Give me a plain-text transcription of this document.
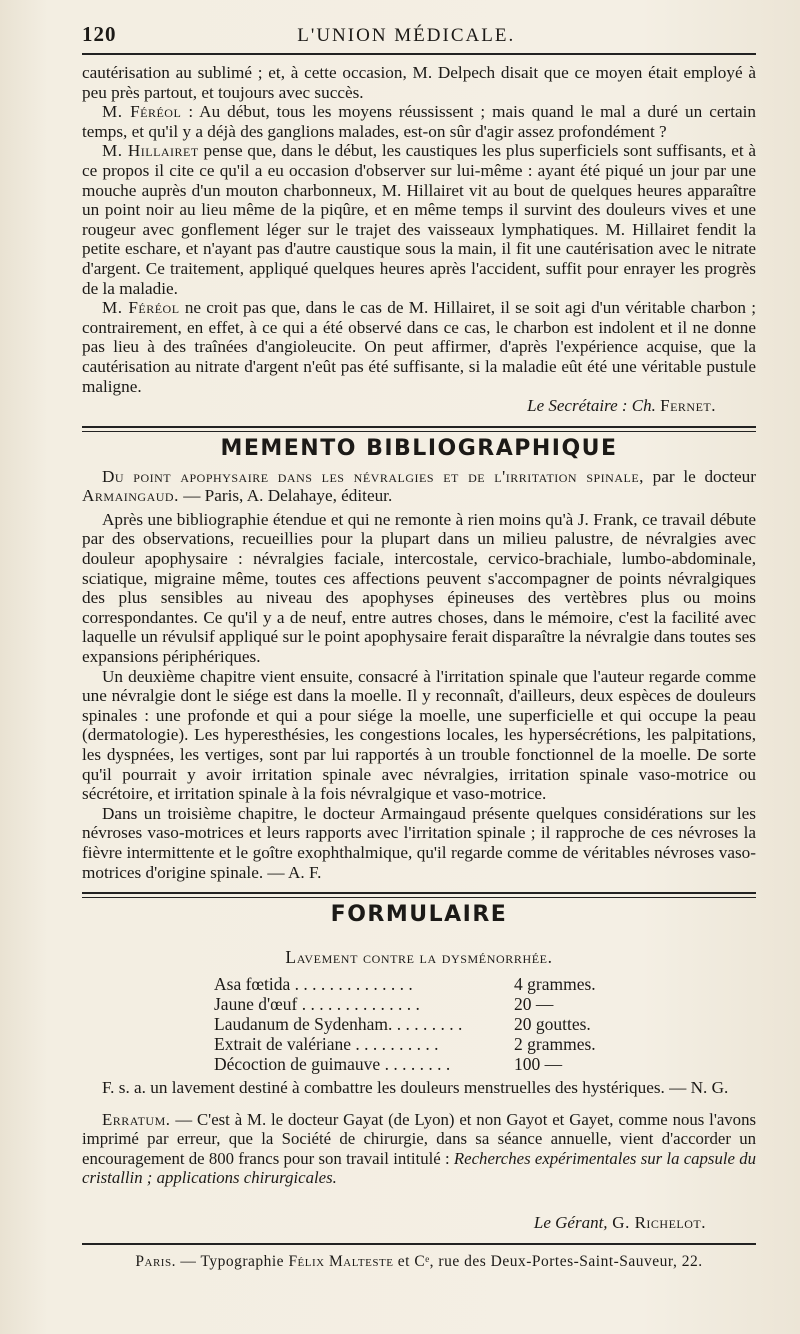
120	L'UNION MÉDICALE.

cautérisation au sublimé ; et, à cette occasion, M. Delpech disait que ce moyen était employé à peu près partout, et toujours avec succès.

M. Féréol : Au début, tous les moyens réussissent ; mais quand le mal a duré un certain temps, et qu'il y a déjà des ganglions malades, est-on sûr d'agir assez profondément ?

M. Hillairet pense que, dans le début, les caustiques les plus superficiels sont suffisants, et à ce propos il cite ce qu'il a eu occasion d'observer sur lui-même : ayant été piqué un jour par une mouche auprès d'un mouton charbonneux, M. Hillairet vit au bout de quelques heures apparaître un point noir au lieu même de la piqûre, et en même temps il survint des douleurs vives et une rougeur avec gonflement léger sur le trajet des vaisseaux lymphatiques. M. Hillairet fendit la petite eschare, et n'ayant pas d'autre caustique sous la main, il fit une cautérisation avec le nitrate d'argent. Ce traitement, appliqué quelques heures après l'accident, suffit pour enrayer les progrès de la maladie.

M. Féréol ne croit pas que, dans le cas de M. Hillairet, il se soit agi d'un véritable charbon ; contrairement, en effet, à ce qui a été observé dans ce cas, le charbon est indolent et il ne donne pas lieu à des traînées d'angioleucite. On peut affirmer, d'après l'expérience acquise, que la cautérisation au nitrate d'argent n'eût pas été suffisante, si la maladie eût été une véritable pustule maligne.

Le Secrétaire : Ch. Fernet.
MEMENTO BIBLIOGRAPHIQUE

Du point apophysaire dans les névralgies et de l'irritation spinale, par le docteur Armaingaud. — Paris, A. Delahaye, éditeur.

Après une bibliographie étendue et qui ne remonte à rien moins qu'à J. Frank, ce travail débute par des observations, recueillies pour la plupart dans un milieu palustre, de névralgies avec douleur apophysaire : névralgies faciale, intercostale, cervico-brachiale, lumbo-abdominale, sciatique, migraine même, toutes ces affections peuvent s'accompagner de points névralgiques des plus sensibles au niveau des apophyses épineuses des vertèbres plus ou moins correspondantes. Ce qu'il y a de neuf, entre autres choses, dans le mémoire, c'est la facilité avec laquelle un révulsif appliqué sur le point apophysaire ferait disparaître la névralgie dans toutes ses expansions périphériques.

Un deuxième chapitre vient ensuite, consacré à l'irritation spinale que l'auteur regarde comme une névralgie dont le siége est dans la moelle. Il y reconnaît, d'ailleurs, deux espèces de douleurs spinales : une profonde et qui a pour siége la moelle, une superficielle et qui occupe la peau (dermatologie). Les hyperesthésies, les congestions locales, les hypersécrétions, les palpitations, les dyspnées, les vertiges, sont par lui rapportés à un trouble fonctionnel de la moelle. De sorte qu'il pourrait y avoir irritation spinale avec névralgies, irritation spinale vaso-motrice ou sécrétoire, et irritation spinale à la fois névralgique et vaso-motrice.

Dans un troisième chapitre, le docteur Armaingaud présente quelques considérations sur les névroses vaso-motrices et leurs rapports avec l'irritation spinale ; il rapproche de ces névroses la fièvre intermittente et le goître exophthalmique, qu'il regarde comme de véritables névroses vaso-motrices d'origine spinale. — A. F.

FORMULAIRE
Lavement contre la dysménorrhée.
Asa fœtida . . . . . . . . . . . . . .	4 grammes.
Jaune d'œuf . . . . . . . . . . . . . .	20 —
Laudanum de Sydenham. . . . . . . . .	20 gouttes.
Extrait de valériane . . . . . . . . . .	2 grammes.
Décoction de guimauve . . . . . . . .	100 —

F. s. a. un lavement destiné à combattre les douleurs menstruelles des hystériques. — N. G.

Erratum. — C'est à M. le docteur Gayat (de Lyon) et non Gayot et Gayet, comme nous l'avons imprimé par erreur, que la Société de chirurgie, dans sa séance annuelle, vient d'accorder un encouragement de 800 francs pour son travail intitulé : Recherches expérimentales sur la capsule du cristallin ; applications chirurgicales.

Le Gérant, G. Richelot.
Paris. — Typographie Félix Malteste et Cᵉ, rue des Deux-Portes-Saint-Sauveur, 22.
